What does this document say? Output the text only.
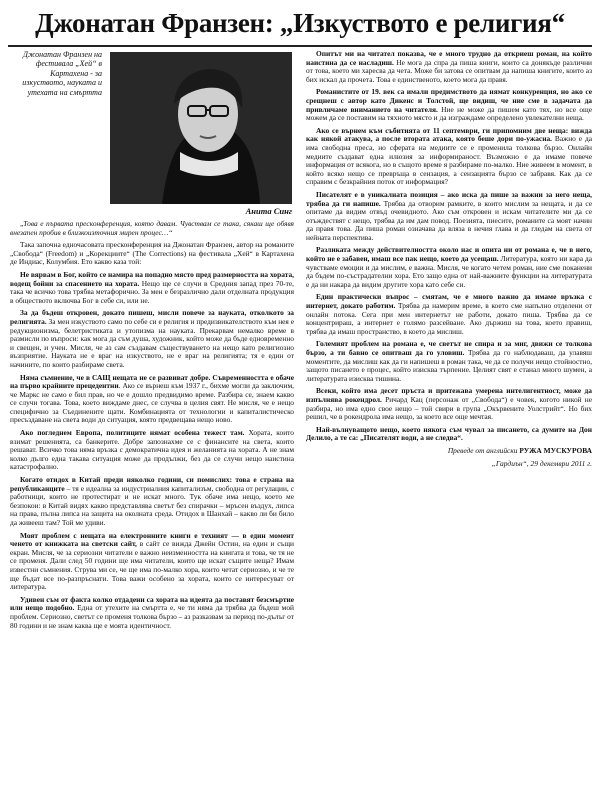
Джонатан Франзен: „Изкуството е религия“
Джонатан Франзен на фестивала „Хей“ в Картахена - за изкуството, науката и утехата на смъртта
Анита Синг

„Това е първата пресконференция, която давам. Чувствам се така, сякаш ще обявя внезапен пробив в близкоизточния мирен процес…“

Така започна едночасовата пресконференция на Джонатан Франзен, автор на романите „Свобода“ (Freedom) и „Корекциите“ (The Corrections) на фестивала „Хей“ в Картахена де Индиас, Колумбия. Ето какво каза той:

Не вярвам в Бог, който се намира на попадно място пред размерността на хората, водещ бойни за спасението на хората. Нещо ще се случи в Средния запад през 70-те, така че всичко това трябва метафорично. За мен е безразлично дали отделната продукция в обществото включва Бог в себе си, или не.

За да бъдеш откровен, докато пишеш, мисли повече за науката, отколкото за религията. За мен изкуството само по себе си е религия и предизвикателството към нея е редукционизма, белетристиката и утопизма на науката. Прекарвам немалко време в размисли по въпроси: как мога да съм душа, художник, който може да бъде едновременно и свещен, и учен. Мисля, че аз сам създавам съществуването на нещо като религиозно възприятие. Науката не е враг на изкуството, не е враг на религията; тя е един от начините, по които разбираме света.

Няма съмнение, че в САЩ нещата не се развиват добре. Съвременността е обаче на първо крайните прецедентни. Ако се върнеш към 1937 г., бихме могли да заключим, че Маркс не само е бил прав, но че е дошло предвидимо време. Разбира се, знаем какво се случи тогава. Това, което виждаме днес, се случва в целия свят. Не мисля, че е нещо специфично за Съединените щати. Комбинацията от технологии и капиталистическо пресъздаване на света води до ситуация, която предвещава нещо ново.

Ако погледнем Европа, политиците нямат особена тежест там. Хората, които взимат решенията, са банкерите. Добре запознахме се с финансите на света, които решават. Всичко това няма връзка с демократична идея и желанията на хората. А не знам колко дълго една такава ситуация може да продължи, без да се случи нещо наистина катастрофално.

Когато отидох в Китай преди няколко години, си помислих: това е страна на републиканците – тя е идеална за индустриалния капитализъм, свободна от регулации, с работници, които не протестират и не искат много. Тук обаче има нещо, което ме безпокои: в Китай видях какво представлява светът без спирачки – мръсен въздух, липса на права, пълна липса на защита на околната среда. Отидох в Шанхай – какво ли би било да живееш там? Той ме удиви.

Моят проблем с нещата на електронните книги е техният — в един момент ченето от книжката на светски сайт, в сайт се вижда Джейн Остин, на един и същи екран. Мисля, че за сериозни читатели е важно неизменността на книгата и това, че тя не се променя. Дали след 50 години ще има читатели, които ще искат същите неща? Имам известни съмнения. Струва ми се, че ще има по-малко хора, които четат сериозно, и че те ще бъдат все по-разпръснати. Това важи особено за хората, които се интересуват от литература.

Удивен съм от факта колко отдадени са хората на идеята да поставят безсмъртие или нещо подобно. Една от утехите на смъртта е, че ти няма да трябва да бъдеш мой проблем. Сериозно, светът се променя толкова бързо – аз разказвам за период по-дълъг от 80 години и не знам каква ще е моята идентичност.

Опитът ми на читател показва, че е много трудно да откриеш роман, на който наистина да се насладиш. Не мога да спра да пиша книги, които са донякъде различни от това, което ми харесва да чета. Може би затова се опитвам да напиша книгите, които аз бих искал да прочета. Това е единственото, което мога да правя.

Романистите от 19. век са имали предимството да нямат конкуренция, но ако се срещнеш с автор като Дикенс и Толстой, ще видиш, че ние сме в задачата да привличаме вниманието на читателя. Ние не може да пишем като тях, но все още можем да се поставим на тяхното място и да изграждаме определено увлекателни неща.

Ако се върнем към събитията от 11 септември, ги припомним две неща: вижда как някой атакува, а после втората атака, която беше дори по-ужасна. Важно е да има свободна преса, но сферата на медиите се е променила толкова бързо. Онлайн медиите създават една илюзия за информираност. Възможно е да имаме повече информация от всякога, но в същото време я разбираме по-малко. Ние живеем в момент, в който всяко нещо се превръща в сензация, а сензацията бързо се забравя. Как да се справим с безкрайния поток от информация?

Писателят е в уникалната позиция – ако иска да пише за важни за него неща, трябва да ги напише. Трябва да отворим рамките, в които мислим за нещата, и да се опитаме да видим отвъд очевидното. Ако съм откровен и искам читателите ми да се отъждествят с нещо, трябва да им дам повод. Поезията, пиесите, романите са моят начин да правя това. Да пиша роман означава да вляза в нечия глава и да гледам на света от нейната перспектива.

Разликата между действителността около нас и опита ни от романа е, че в него, който не е забавен, имаш все пак нещо, което да усещаш. Литература, която ни кара да чувстваме емоции и да мислим, е важна. Мисля, че когато четем роман, ние сме поканени да бъдем по-състрадателни хора. Ето защо една от най-важните функции на литературата е да ни накара да видим другите хора като себе си.

Един практически въпрос – смятам, че е много важно да имаме връзка с интернет, докато работим. Трябва да намерим време, в което сме напълно отделени от онлайн потока. Сега при мен интернетът не работи, докато пиша. Трябва да се концентрираш, а интернет е голямо разсейване. Ако държиш на това, което правиш, трябва да имаш пространство, в което да мислиш.

Големият проблем на романа е, че светът не спира и за миг, движи се толкова бързо, а ти бавно се опитваш да го уловиш. Трябва да го наблюдаваш, да улавяш моментите, да мислиш как да ги напишеш в роман така, че да се получи нещо стойностно, защото писането е процес, който изисква търпение. Целият свят е станал много шумен, а литературата изисква тишина.

Всеки, който има десет пръста и притежава умерена интелигентност, може да изпълнява рокендрол. Ричард Кац (персонаж от „Свобода“) е човек, когото никой не разбира, но има едно свое нещо – той свири в група „Окървените Уолстрийт“. Но бих решил, че в рокендрола има нещо, за което все още мечтая.

Най-вълнуващото нещо, което някога съм чувал за писането, са думите на Дон Делило, а те са: „Писателят води, а не следва“.

Преведе от английски РУЖА МУСКУРОВА

„Гардиън“, 29 декември 2011 г.
